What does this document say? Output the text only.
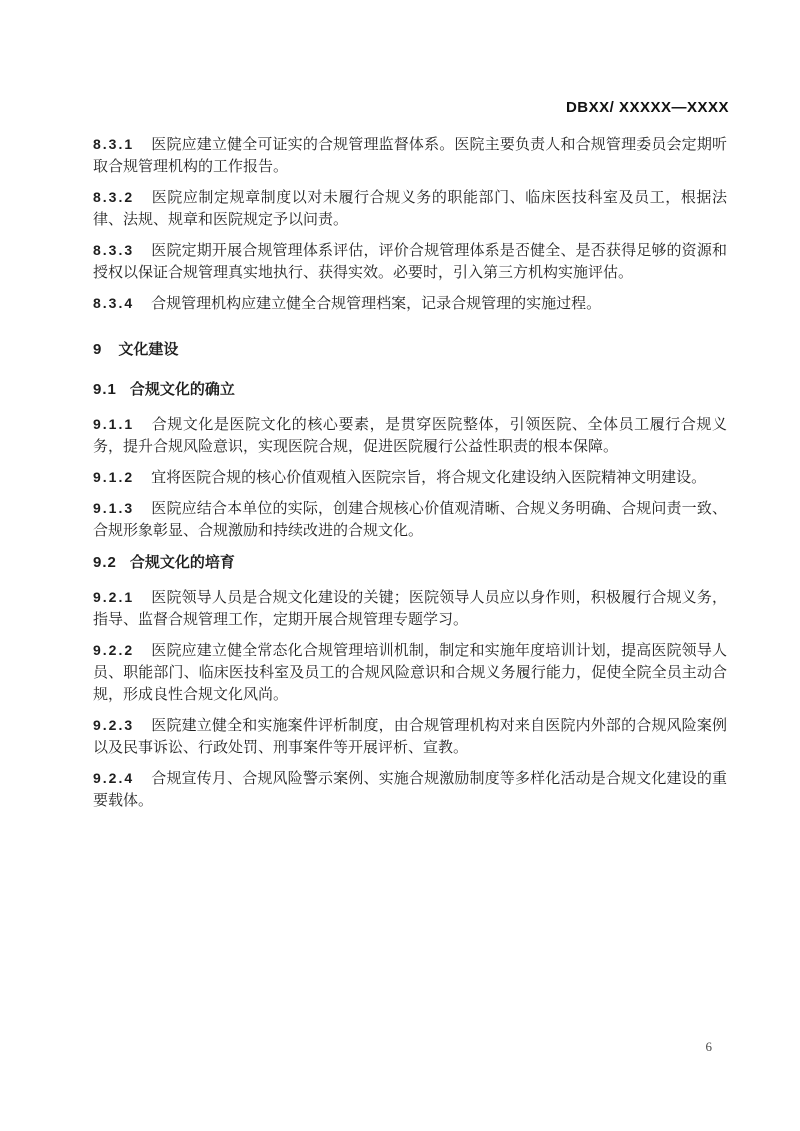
DBXX/ XXXXX—XXXX

8.3.1 医院应建立健全可证实的合规管理监督体系。医院主要负责人和合规管理委员会定期听取合规管理机构的工作报告。

8.3.2 医院应制定规章制度以对未履行合规义务的职能部门、临床医技科室及员工，根据法律、法规、规章和医院规定予以问责。

8.3.3 医院定期开展合规管理体系评估，评价合规管理体系是否健全、是否获得足够的资源和授权以保证合规管理真实地执行、获得实效。必要时，引入第三方机构实施评估。

8.3.4 合规管理机构应建立健全合规管理档案，记录合规管理的实施过程。

9 文化建设
9.1 合规文化的确立

9.1.1 合规文化是医院文化的核心要素，是贯穿医院整体，引领医院、全体员工履行合规义务，提升合规风险意识，实现医院合规，促进医院履行公益性职责的根本保障。

9.1.2 宜将医院合规的核心价值观植入医院宗旨，将合规文化建设纳入医院精神文明建设。

9.1.3 医院应结合本单位的实际，创建合规核心价值观清晰、合规义务明确、合规问责一致、合规形象彰显、合规激励和持续改进的合规文化。

9.2 合规文化的培育

9.2.1 医院领导人员是合规文化建设的关键；医院领导人员应以身作则，积极履行合规义务，指导、监督合规管理工作，定期开展合规管理专题学习。

9.2.2 医院应建立健全常态化合规管理培训机制，制定和实施年度培训计划，提高医院领导人员、职能部门、临床医技科室及员工的合规风险意识和合规义务履行能力，促使全院全员主动合规，形成良性合规文化风尚。

9.2.3 医院建立健全和实施案件评析制度，由合规管理机构对来自医院内外部的合规风险案例以及民事诉讼、行政处罚、刑事案件等开展评析、宣教。

9.2.4 合规宣传月、合规风险警示案例、实施合规激励制度等多样化活动是合规文化建设的重要载体。

6
